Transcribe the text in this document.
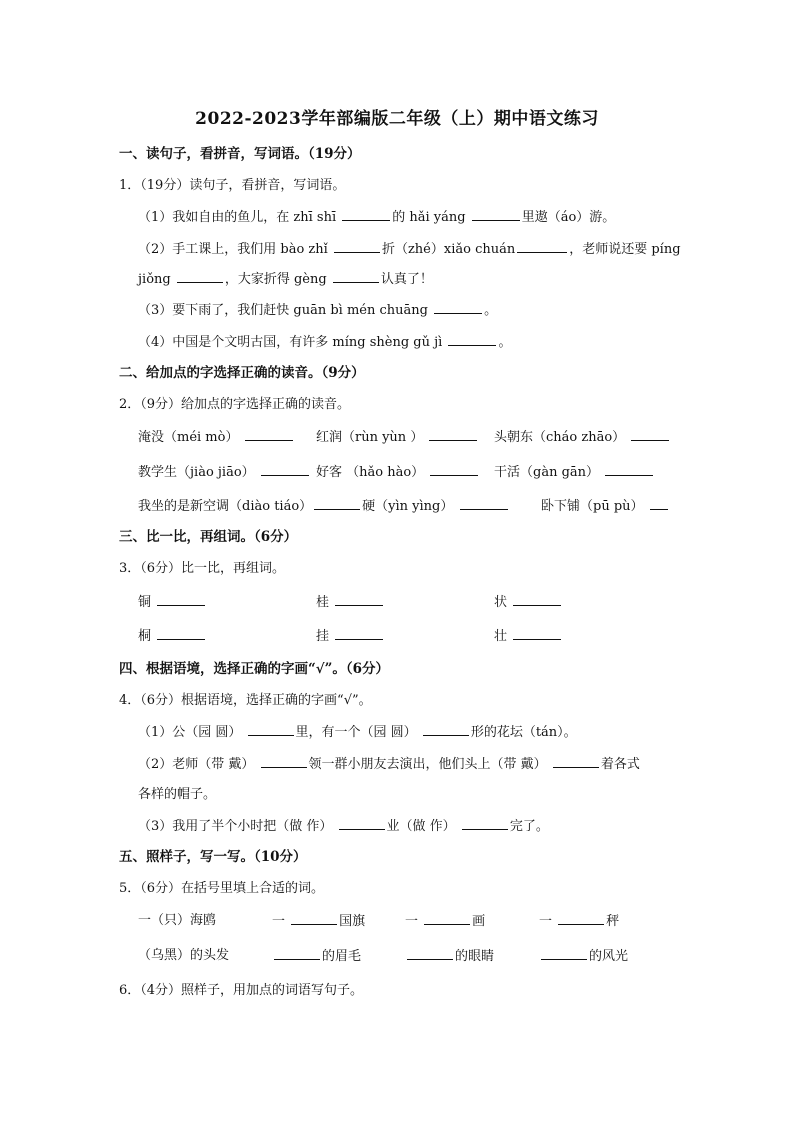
2022-2023学年部编版二年级（上）期中语文练习
一、读句子，看拼音，写词语。（19分）
1．（19分）读句子，看拼音，写词语。
（1）我如自由的鱼儿，在 zhī shī	的 hǎi yáng	里遨（áo）游。
（2）手工课上，我们用 bào zhǐ	折（zhé）xiǎo chuán	，老师说还要 píng
jiǒng	，大家折得 gèng	认真了！
（3）要下雨了，我们赶快 guān bì mén chuāng	。
（4）中国是个文明古国，有许多 míng shèng gǔ jì	。
二、给加点的字选择正确的读音。（9分）
2．（9分）给加点的字选择正确的读音。
淹没（méi mò）	红润（rùn yùn ）	头朝东（cháo zhāo）
教学生（jiào jiāo）	好客 （hǎo hào）	干活（gàn gān）
我坐的是新空调（diào tiáo）	硬（yìn yìng）	卧下铺（pū pù）
三、比一比，再组词。（6分）
3．（6分）比一比，再组词。
铜	桂	状
桐	挂	壮
四、根据语境，选择正确的字画“√”。（6分）
4．（6分）根据语境，选择正确的字画“√”。
（1）公（园 圆）	里，有一个（园 圆）	形的花坛（tán）。
（2）老师（带 戴）	领一群小朋友去演出，他们头上（带 戴）	着各式
各样的帽子。
（3）我用了半个小时把（做 作）	业（做 作）	完了。
五、照样子，写一写。（10分）
5．（6分）在括号里填上合适的词。
一（只）海鸥	一	国旗	一	画	一	秤
（乌黑）的头发	的眉毛	的眼睛	的风光
6．（4分）照样子，用加点的词语写句子。
